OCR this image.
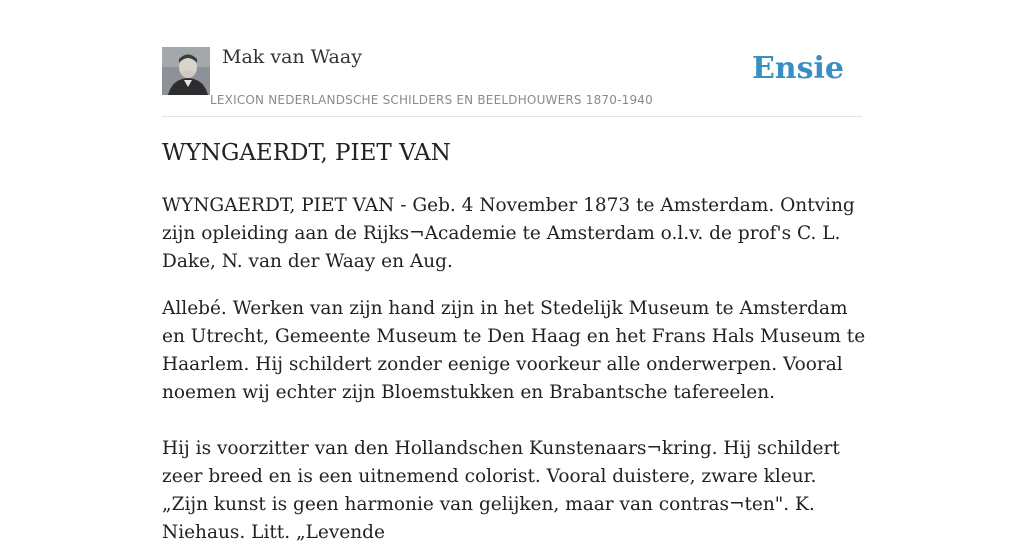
Mak van Waay
LEXICON NEDERLANDSCHE SCHILDERS EN BEELDHOUWERS 1870-1940
Ensie
WYNGAERDT, PIET VAN

WYNGAERDT, PIET VAN - Geb. 4 November 1873 te Amsterdam. Ontving zijn opleiding aan de Rijks¬Academie te Amsterdam o.l.v. de prof's C. L. Dake, N. van der Waay en Aug.

Allebé. Werken van zijn hand zijn in het Stedelijk Museum te Amsterdam en Utrecht, Gemeente Museum te Den Haag en het Frans Hals Museum te Haarlem. Hij schildert zonder eenige voorkeur alle onderwerpen. Vooral noemen wij echter zijn Bloemstukken en Brabantsche tafereelen.

Hij is voorzitter van den Hollandschen Kunstenaars¬kring. Hij schildert zeer breed en is een uitnemend colorist. Vooral duistere, zware kleur. „Zijn kunst is geen harmonie van gelijken, maar van contras¬ten". K. Niehaus. Litt. „Levende
